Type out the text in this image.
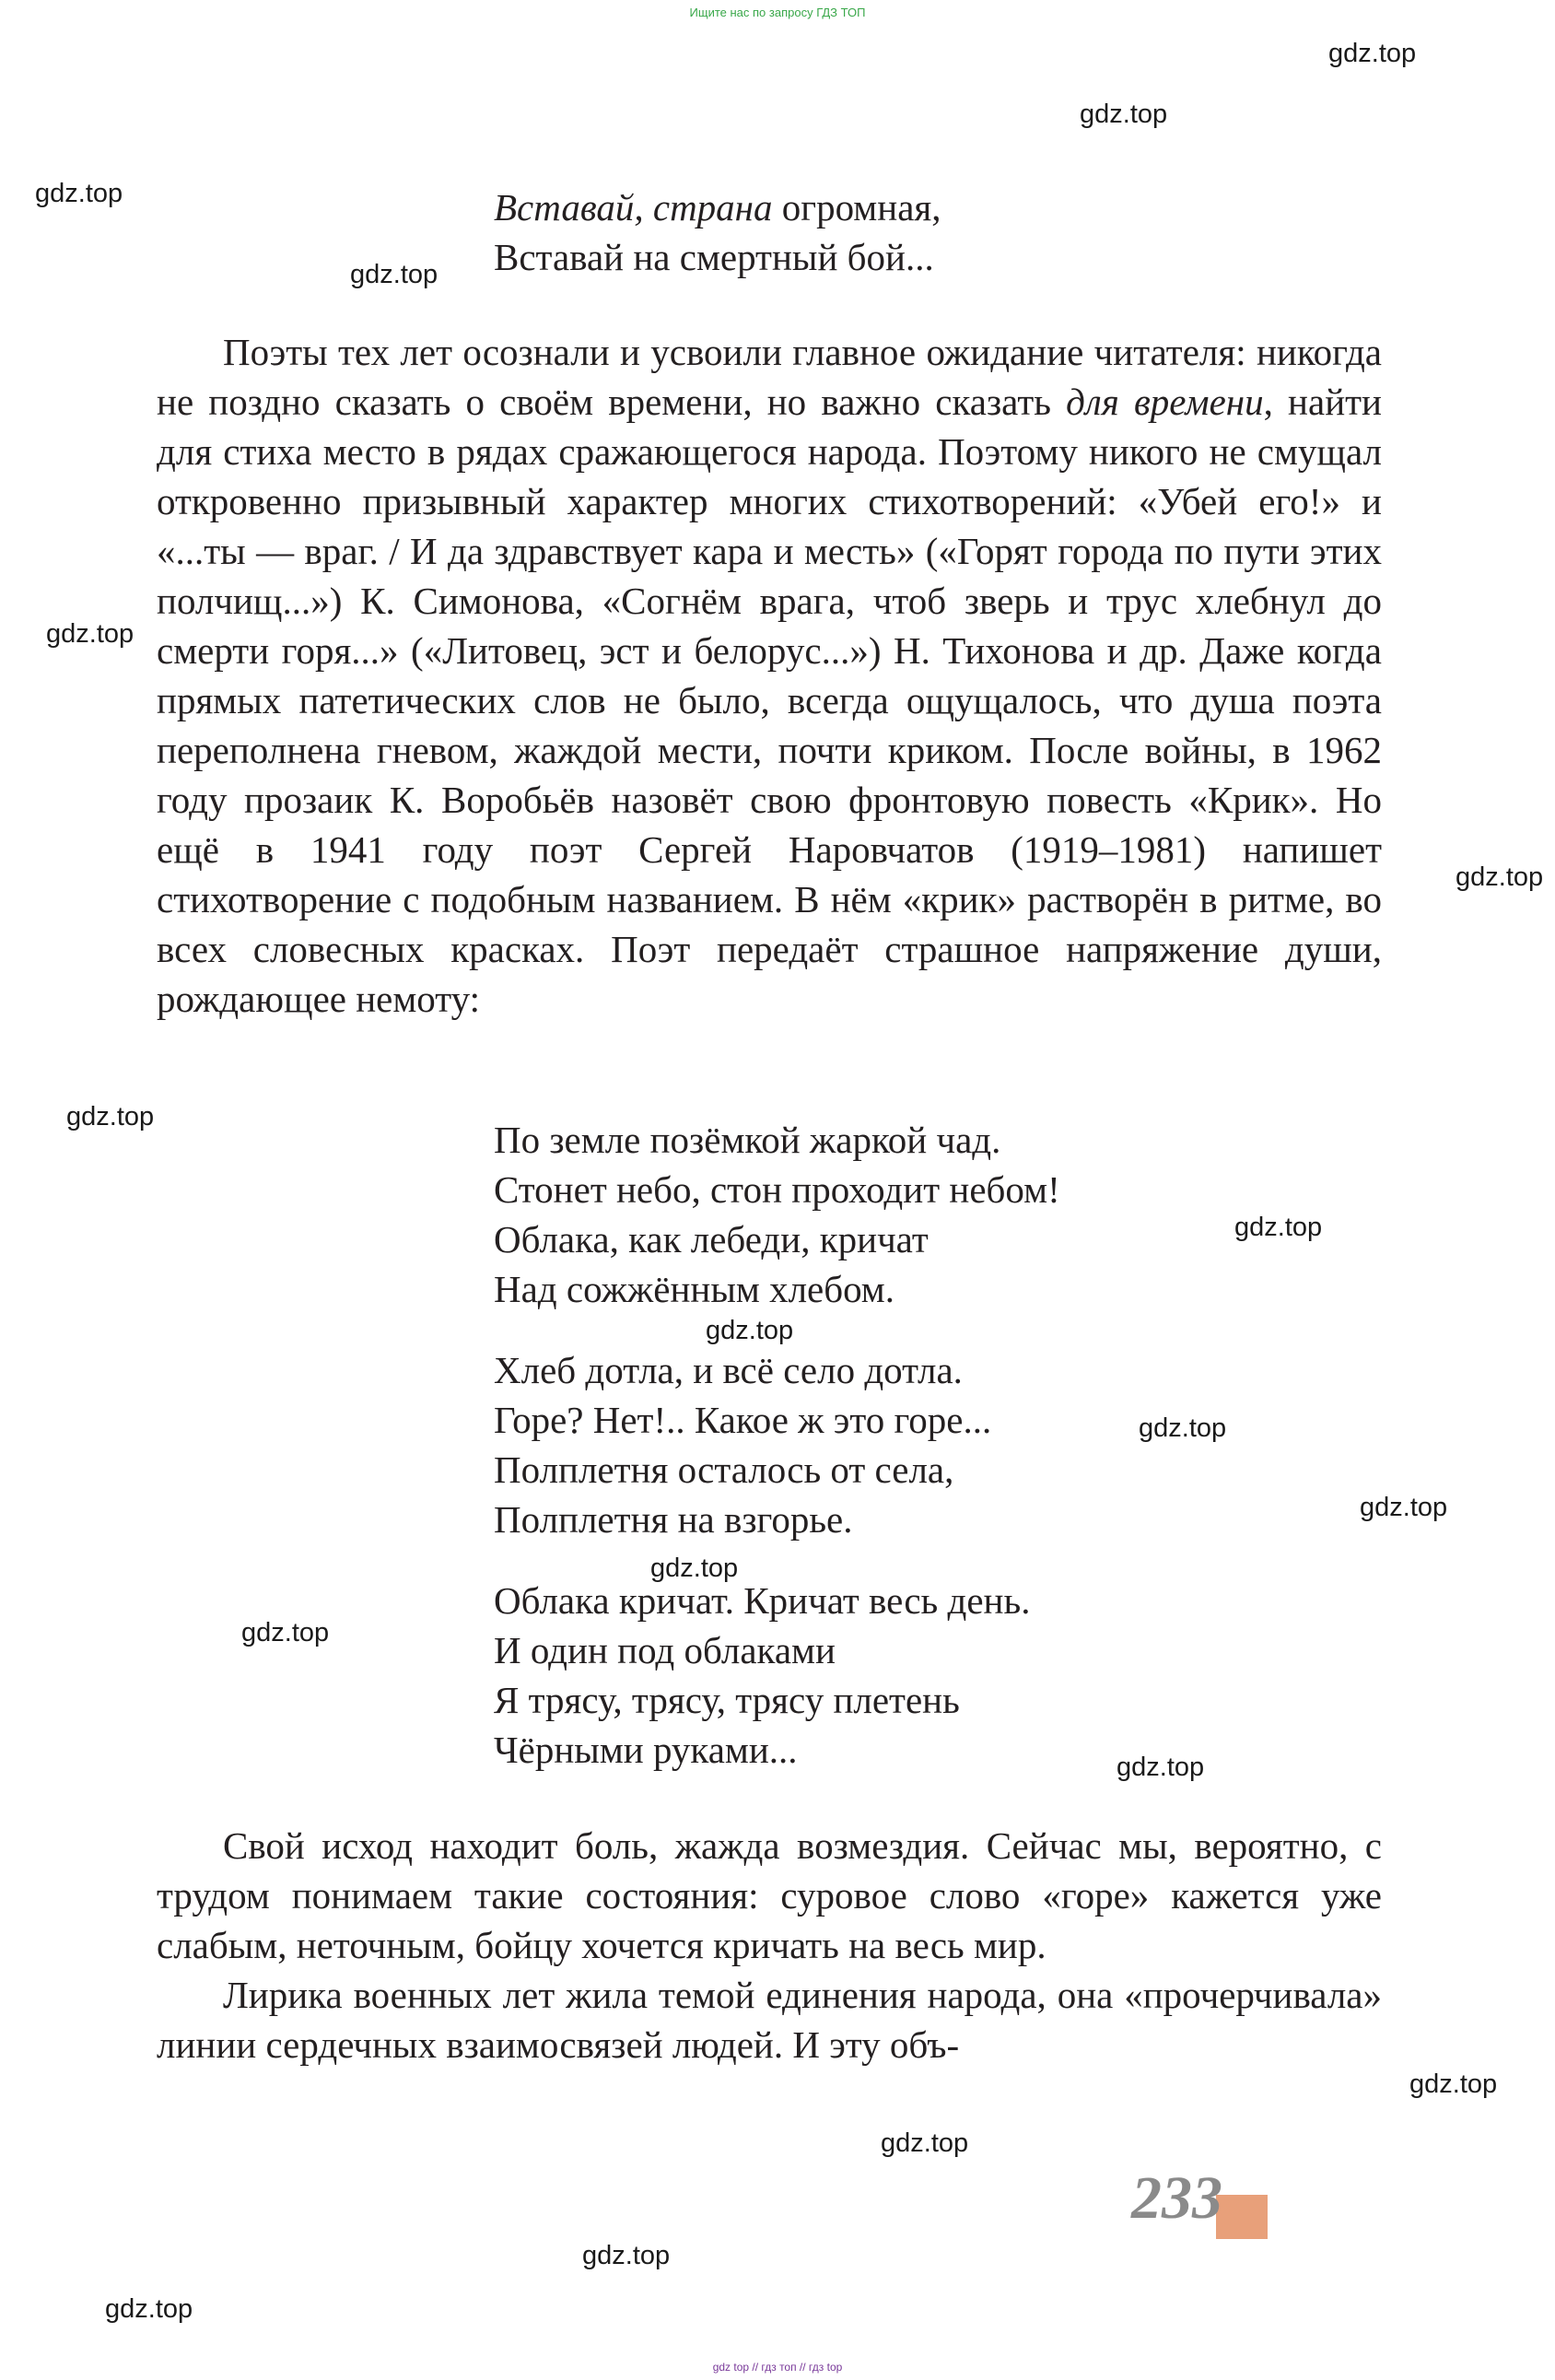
Ищите нас по запросу ГДЗ ТОП
gdz.top
gdz.top
gdz.top
gdz.top
gdz.top
gdz.top
gdz.top
gdz.top
gdz.top
gdz.top
gdz.top
gdz.top
gdz.top
gdz.top
gdz.top
gdz.top
gdz.top
gdz.top
Вставай, страна огромная,
Вставай на смертный бой...

Поэты тех лет осознали и усвоили главное ожидание читателя: никогда не поздно сказать о своём времени, но важно сказать для времени, найти для стиха место в рядах сражающегося народа. Поэтому никого не смущал откровенно призывный характер многих стихотворений: «Убей его!» и «...ты — враг. / И да здравствует кара и месть» («Горят города по пути этих полчищ...») К. Симонова, «Согнём врага, чтоб зверь и трус хлебнул до смерти горя...» («Литовец, эст и белорус...») Н. Тихонова и др. Даже когда прямых патетических слов не было, всегда ощущалось, что душа поэта переполнена гневом, жаждой мести, почти криком. После войны, в 1962 году прозаик К. Воробьёв назовёт свою фронтовую повесть «Крик». Но ещё в 1941 году поэт Сергей Наровчатов (1919–1981) напишет стихотворение с подобным названием. В нём «крик» растворён в ритме, во всех словесных красках. Поэт передаёт страшное напряжение души, рождающее немоту:

По земле позёмкой жаркой чад.
Стонет небо, стон проходит небом!
Облака, как лебеди, кричат
Над сожжённым хлебом.
Хлеб дотла, и всё село дотла.
Горе? Нет!.. Какое ж это горе...
Полплетня осталось от села,
Полплетня на взгорье.
Облака кричат. Кричат весь день.
И один под облаками
Я трясу, трясу, трясу плетень
Чёрными руками...

Свой исход находит боль, жажда возмездия. Сейчас мы, вероятно, с трудом понимаем такие состояния: суровое слово «горе» кажется уже слабым, неточным, бойцу хочется кричать на весь мир.

Лирика военных лет жила темой единения народа, она «прочерчивала» линии сердечных взаимосвязей людей. И эту объ-

233
gdz top // гдз топ // гдз top
